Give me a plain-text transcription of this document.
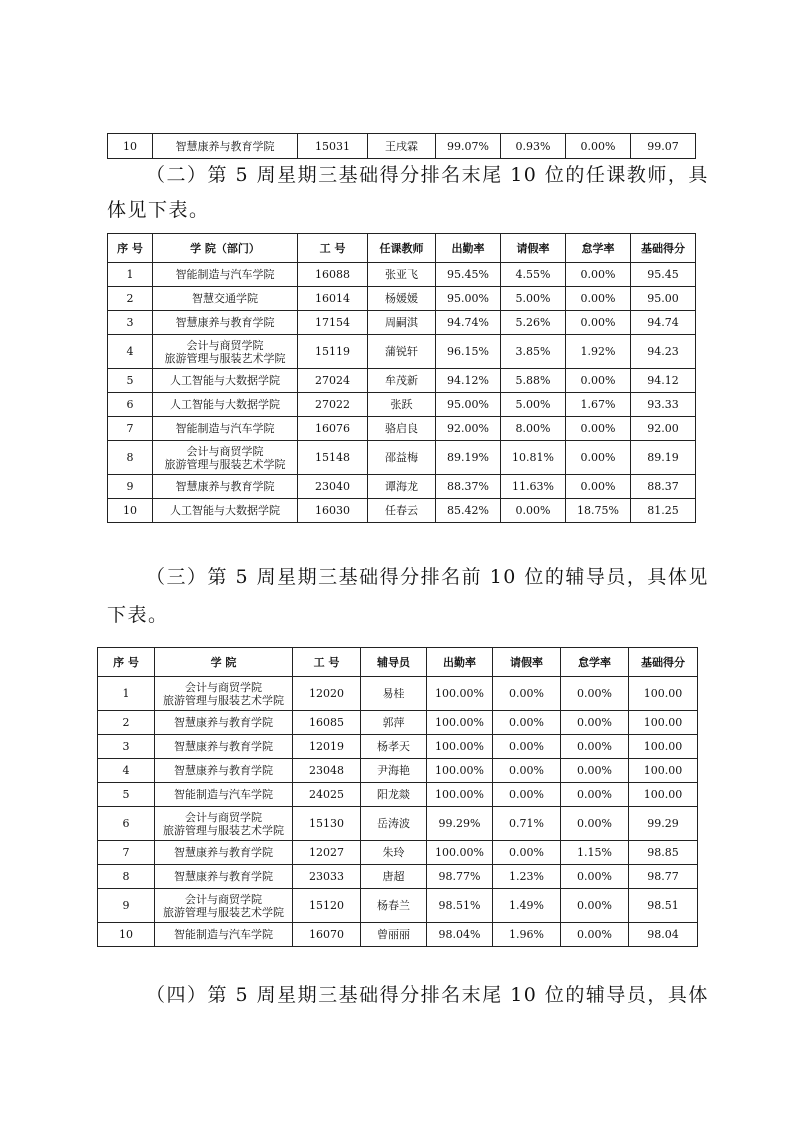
10	智慧康养与教育学院	15031	王戌霖	99.07%	0.93%	0.00%	99.07

（二）第 5 周星期三基础得分排名末尾 10 位的任课教师，具

体见下表。

序 号	学 院（部门）	工 号	任课教师	出勤率	请假率	怠学率	基础得分
1	智能制造与汽车学院	16088	张亚飞	95.45%	4.55%	0.00%	95.45
2	智慧交通学院	16014	杨媛媛	95.00%	5.00%	0.00%	95.00
3	智慧康养与教育学院	17154	周嗣淇	94.74%	5.26%	0.00%	94.74
4	会计与商贸学院
旅游管理与服装艺术学院	15119	蒲锐轩	96.15%	3.85%	1.92%	94.23
5	人工智能与大数据学院	27024	牟茂新	94.12%	5.88%	0.00%	94.12
6	人工智能与大数据学院	27022	张跃	95.00%	5.00%	1.67%	93.33
7	智能制造与汽车学院	16076	骆启良	92.00%	8.00%	0.00%	92.00
8	会计与商贸学院
旅游管理与服装艺术学院	15148	邵益梅	89.19%	10.81%	0.00%	89.19
9	智慧康养与教育学院	23040	谭海龙	88.37%	11.63%	0.00%	88.37
10	人工智能与大数据学院	16030	任春云	85.42%	0.00%	18.75%	81.25

（三）第 5 周星期三基础得分排名前 10 位的辅导员，具体见

下表。

序 号	学 院	工 号	辅导员	出勤率	请假率	怠学率	基础得分
1	会计与商贸学院
旅游管理与服装艺术学院	12020	易桂	100.00%	0.00%	0.00%	100.00
2	智慧康养与教育学院	16085	郭萍	100.00%	0.00%	0.00%	100.00
3	智慧康养与教育学院	12019	杨孝天	100.00%	0.00%	0.00%	100.00
4	智慧康养与教育学院	23048	尹海艳	100.00%	0.00%	0.00%	100.00
5	智能制造与汽车学院	24025	阳龙燚	100.00%	0.00%	0.00%	100.00
6	会计与商贸学院
旅游管理与服装艺术学院	15130	岳涛波	99.29%	0.71%	0.00%	99.29
7	智慧康养与教育学院	12027	朱玲	100.00%	0.00%	1.15%	98.85
8	智慧康养与教育学院	23033	唐超	98.77%	1.23%	0.00%	98.77
9	会计与商贸学院
旅游管理与服装艺术学院	15120	杨春兰	98.51%	1.49%	0.00%	98.51
10	智能制造与汽车学院	16070	曾丽丽	98.04%	1.96%	0.00%	98.04

（四）第 5 周星期三基础得分排名末尾 10 位的辅导员，具体
